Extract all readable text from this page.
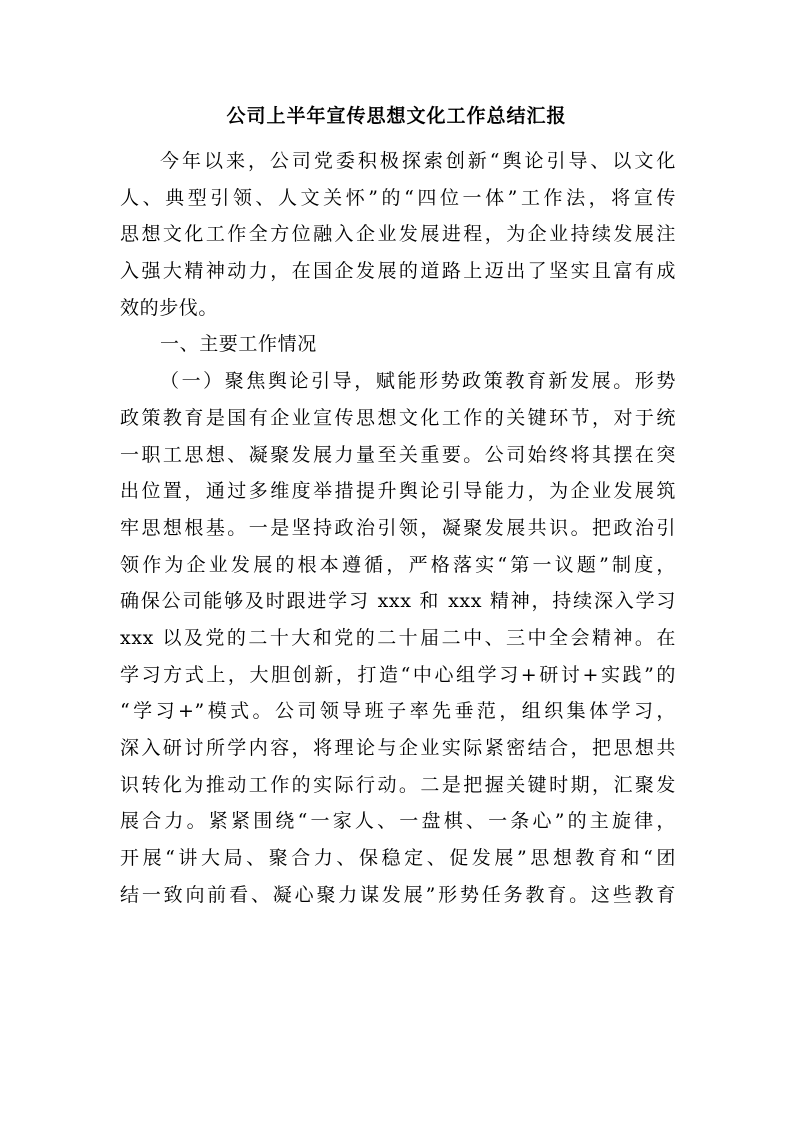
公司上半年宣传思想文化工作总结汇报
今年以来，公司党委积极探索创新“舆论引导、以文化
人、典型引领、人文关怀”的“四位一体”工作法，将宣传
思想文化工作全方位融入企业发展进程，为企业持续发展注
入强大精神动力，在国企发展的道路上迈出了坚实且富有成
效的步伐。
一、主要工作情况
（一）聚焦舆论引导，赋能形势政策教育新发展。形势
政策教育是国有企业宣传思想文化工作的关键环节，对于统
一职工思想、凝聚发展力量至关重要。公司始终将其摆在突
出位置，通过多维度举措提升舆论引导能力，为企业发展筑
牢思想根基。一是坚持政治引领，凝聚发展共识。把政治引
领作为企业发展的根本遵循，严格落实“第一议题”制度，
确保公司能够及时跟进学习 xxx 和 xxx 精神，持续深入学习
xxx 以及党的二十大和党的二十届二中、三中全会精神。在
学习方式上，大胆创新，打造“中心组学习+研讨+实践”的
“学习+”模式。公司领导班子率先垂范，组织集体学习，
深入研讨所学内容，将理论与企业实际紧密结合，把思想共
识转化为推动工作的实际行动。二是把握关键时期，汇聚发
展合力。紧紧围绕“一家人、一盘棋、一条心”的主旋律，
开展“讲大局、聚合力、保稳定、促发展”思想教育和“团
结一致向前看、凝心聚力谋发展”形势任务教育。这些教育
